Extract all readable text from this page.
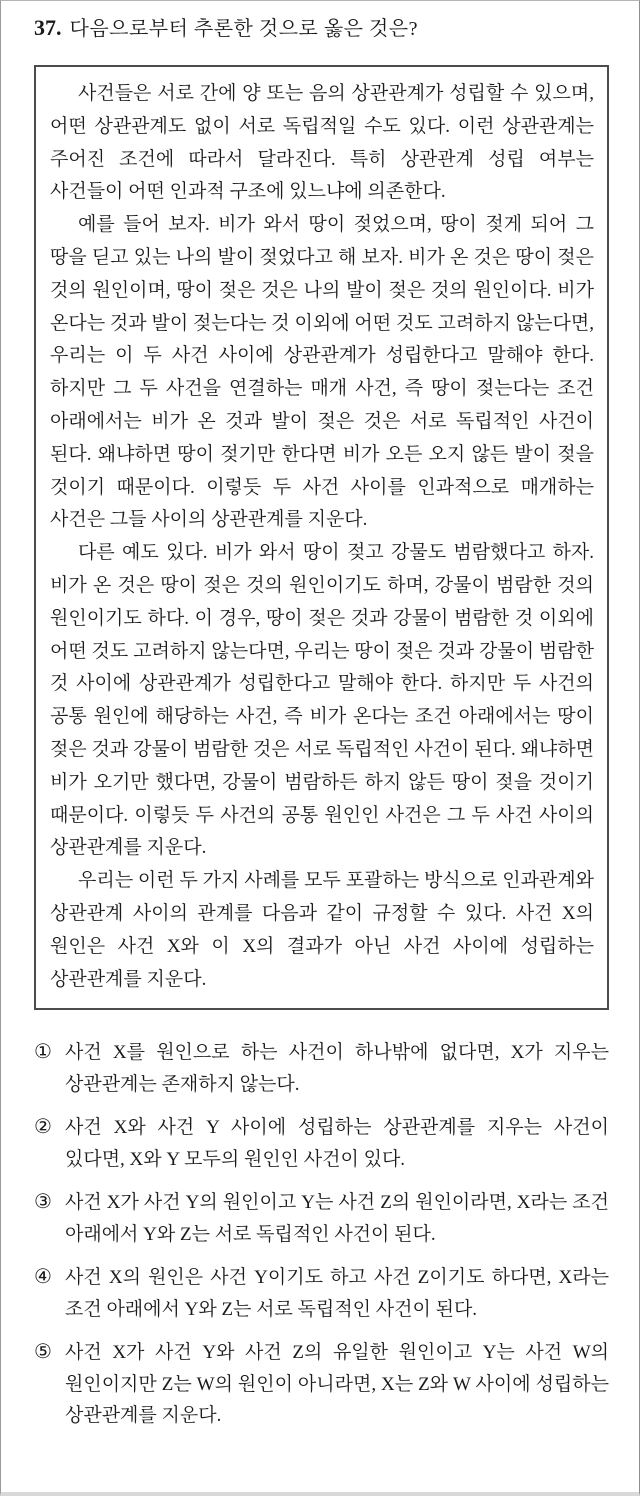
37. 다음으로부터 추론한 것으로 옳은 것은?

사건들은 서로 간에 양 또는 음의 상관관계가 성립할 수 있으며, 어떤 상관관계도 없이 서로 독립적일 수도 있다. 이런 상관관계는 주어진 조건에 따라서 달라진다. 특히 상관관계 성립 여부는 사건들이 어떤 인과적 구조에 있느냐에 의존한다.

예를 들어 보자. 비가 와서 땅이 젖었으며, 땅이 젖게 되어 그 땅을 딛고 있는 나의 발이 젖었다고 해 보자. 비가 온 것은 땅이 젖은 것의 원인이며, 땅이 젖은 것은 나의 발이 젖은 것의 원인이다. 비가 온다는 것과 발이 젖는다는 것 이외에 어떤 것도 고려하지 않는다면, 우리는 이 두 사건 사이에 상관관계가 성립한다고 말해야 한다. 하지만 그 두 사건을 연결하는 매개 사건, 즉 땅이 젖는다는 조건 아래에서는 비가 온 것과 발이 젖은 것은 서로 독립적인 사건이 된다. 왜냐하면 땅이 젖기만 한다면 비가 오든 오지 않든 발이 젖을 것이기 때문이다. 이렇듯 두 사건 사이를 인과적으로 매개하는 사건은 그들 사이의 상관관계를 지운다.

다른 예도 있다. 비가 와서 땅이 젖고 강물도 범람했다고 하자. 비가 온 것은 땅이 젖은 것의 원인이기도 하며, 강물이 범람한 것의 원인이기도 하다. 이 경우, 땅이 젖은 것과 강물이 범람한 것 이외에 어떤 것도 고려하지 않는다면, 우리는 땅이 젖은 것과 강물이 범람한 것 사이에 상관관계가 성립한다고 말해야 한다. 하지만 두 사건의 공통 원인에 해당하는 사건, 즉 비가 온다는 조건 아래에서는 땅이 젖은 것과 강물이 범람한 것은 서로 독립적인 사건이 된다. 왜냐하면 비가 오기만 했다면, 강물이 범람하든 하지 않든 땅이 젖을 것이기 때문이다. 이렇듯 두 사건의 공통 원인인 사건은 그 두 사건 사이의 상관관계를 지운다.

우리는 이런 두 가지 사례를 모두 포괄하는 방식으로 인과관계와 상관관계 사이의 관계를 다음과 같이 규정할 수 있다. 사건 X의 원인은 사건 X와 이 X의 결과가 아닌 사건 사이에 성립하는 상관관계를 지운다.

① 사건 X를 원인으로 하는 사건이 하나밖에 없다면, X가 지우는 상관관계는 존재하지 않는다.
② 사건 X와 사건 Y 사이에 성립하는 상관관계를 지우는 사건이 있다면, X와 Y 모두의 원인인 사건이 있다.
③ 사건 X가 사건 Y의 원인이고 Y는 사건 Z의 원인이라면, X라는 조건 아래에서 Y와 Z는 서로 독립적인 사건이 된다.
④ 사건 X의 원인은 사건 Y이기도 하고 사건 Z이기도 하다면, X라는 조건 아래에서 Y와 Z는 서로 독립적인 사건이 된다.
⑤ 사건 X가 사건 Y와 사건 Z의 유일한 원인이고 Y는 사건 W의 원인이지만 Z는 W의 원인이 아니라면, X는 Z와 W 사이에 성립하는 상관관계를 지운다.
